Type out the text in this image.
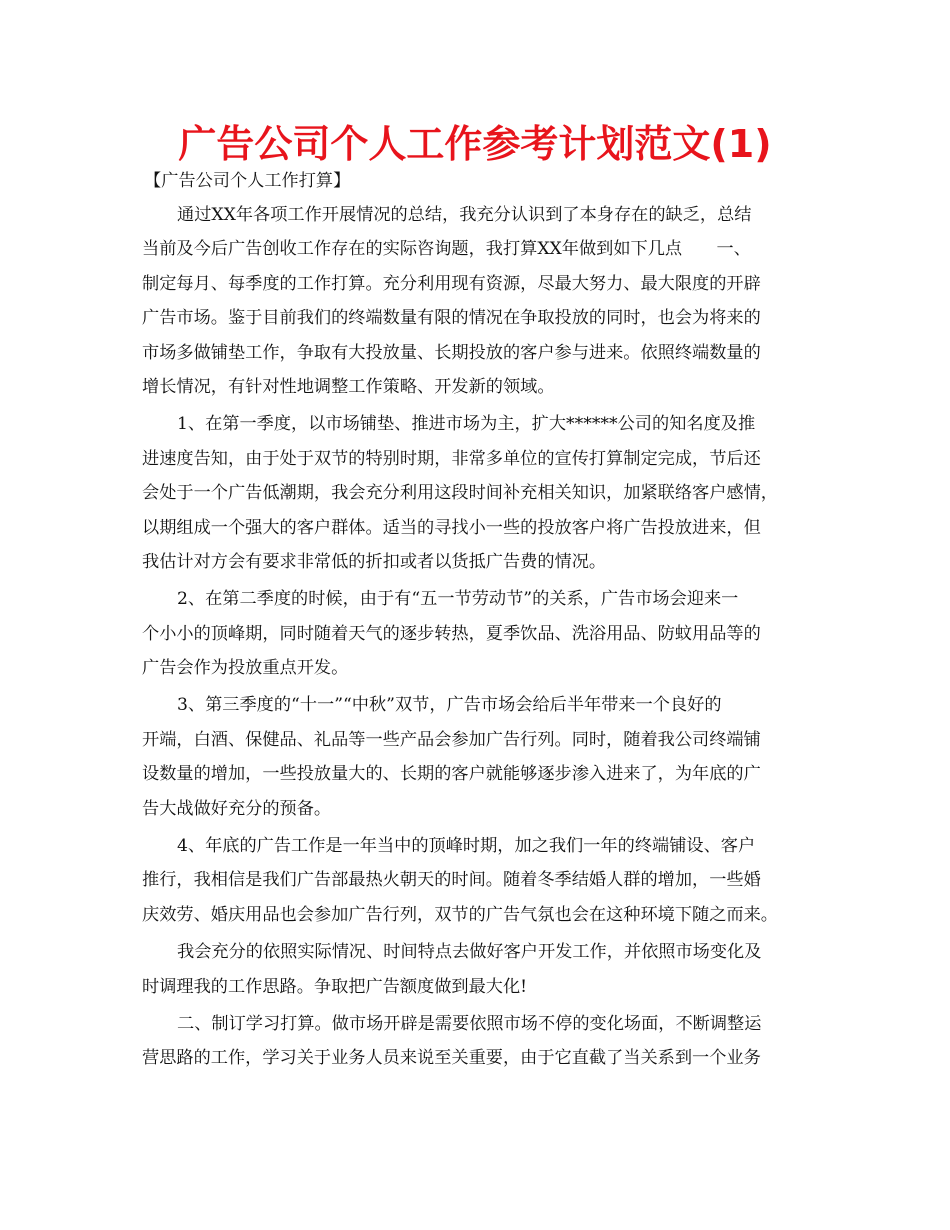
广告公司个人工作参考计划范文(1)
【广告公司个人工作打算】
通过XX年各项工作开展情况的总结，我充分认识到了本身存在的缺乏，总结
当前及今后广告创收工作存在的实际咨询题，我打算XX年做到如下几点　　一、
制定每月、每季度的工作打算。充分利用现有资源，尽最大努力、最大限度的开辟
广告市场。鉴于目前我们的终端数量有限的情况在争取投放的同时，也会为将来的
市场多做铺垫工作，争取有大投放量、长期投放的客户参与进来。依照终端数量的
增长情况，有针对性地调整工作策略、开发新的领域。
1、在第一季度，以市场铺垫、推进市场为主，扩大******公司的知名度及推
进速度告知，由于处于双节的特别时期，非常多单位的宣传打算制定完成，节后还
会处于一个广告低潮期，我会充分利用这段时间补充相关知识，加紧联络客户感情，
以期组成一个强大的客户群体。适当的寻找小一些的投放客户将广告投放进来，但
我估计对方会有要求非常低的折扣或者以货抵广告费的情况。
2、在第二季度的时候，由于有“五一节劳动节”的关系，广告市场会迎来一
个小小的顶峰期，同时随着天气的逐步转热，夏季饮品、洗浴用品、防蚊用品等的
广告会作为投放重点开发。
3、第三季度的“十一”“中秋”双节，广告市场会给后半年带来一个良好的
开端，白酒、保健品、礼品等一些产品会参加广告行列。同时，随着我公司终端铺
设数量的增加，一些投放量大的、长期的客户就能够逐步渗入进来了，为年底的广
告大战做好充分的预备。
4、年底的广告工作是一年当中的顶峰时期，加之我们一年的终端铺设、客户
推行，我相信是我们广告部最热火朝天的时间。随着冬季结婚人群的增加，一些婚
庆效劳、婚庆用品也会参加广告行列，双节的广告气氛也会在这种环境下随之而来。
我会充分的依照实际情况、时间特点去做好客户开发工作，并依照市场变化及
时调理我的工作思路。争取把广告额度做到最大化!
二、制订学习打算。做市场开辟是需要依照市场不停的变化场面，不断调整运
营思路的工作，学习关于业务人员来说至关重要，由于它直截了当关系到一个业务
